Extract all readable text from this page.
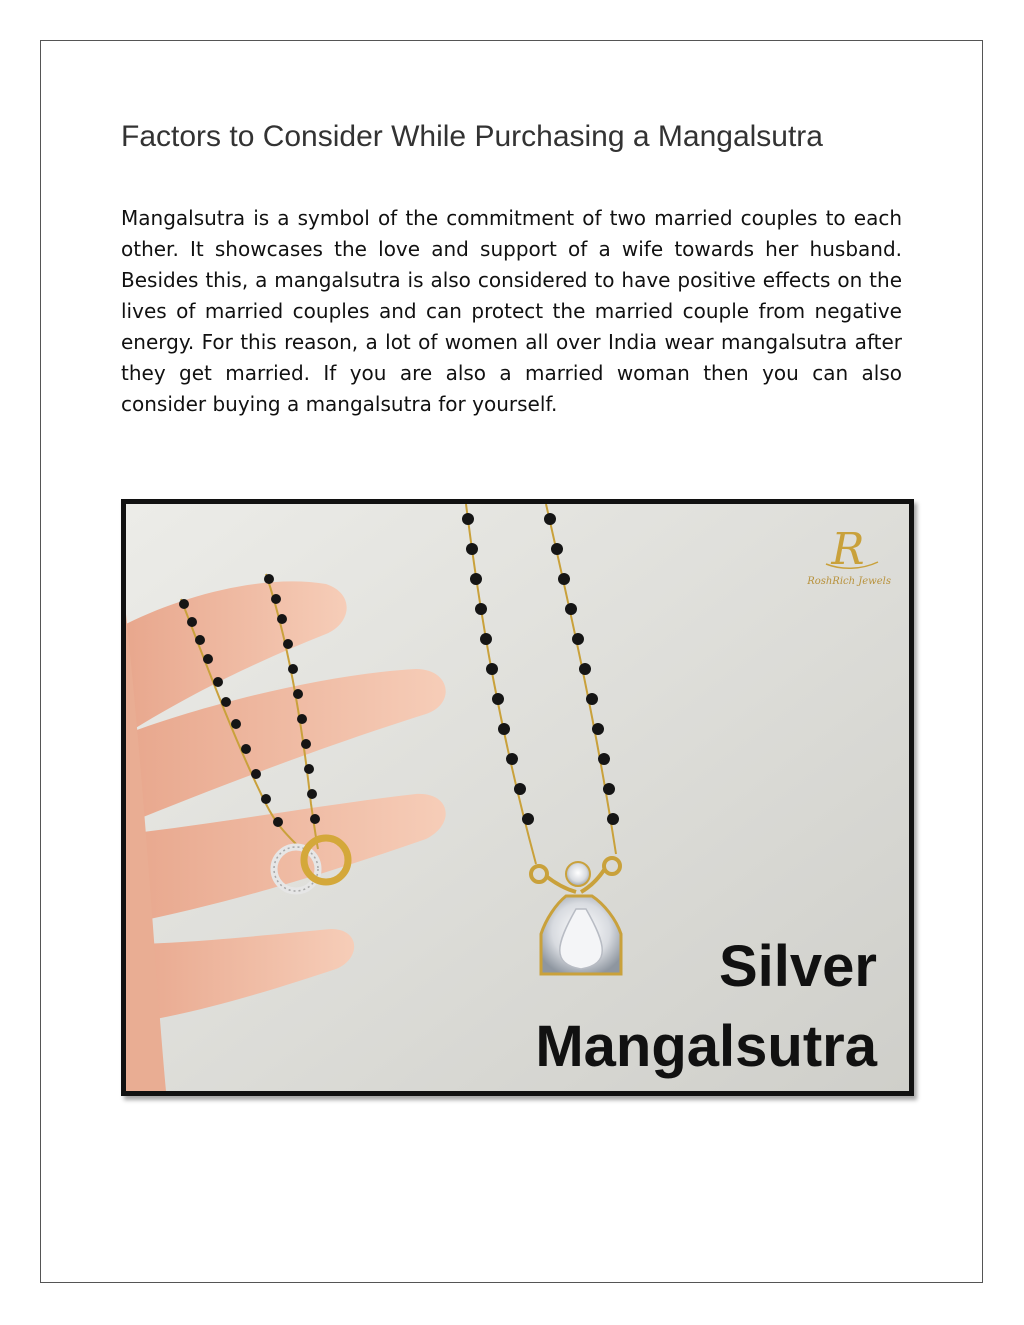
Factors to Consider While Purchasing a Mangalsutra

Mangalsutra is a symbol of the commitment of two married couples to each other. It showcases the love and support of a wife towards her husband. Besides this, a mangalsutra is also considered to have positive effects on the lives of married couples and can protect the married couple from negative energy. For this reason, a lot of women all over India wear mangalsutra after they get married. If you are also a married woman then you can also consider buying a mangalsutra for yourself.

R
RoshRich Jewels
Silver
Mangalsutra
